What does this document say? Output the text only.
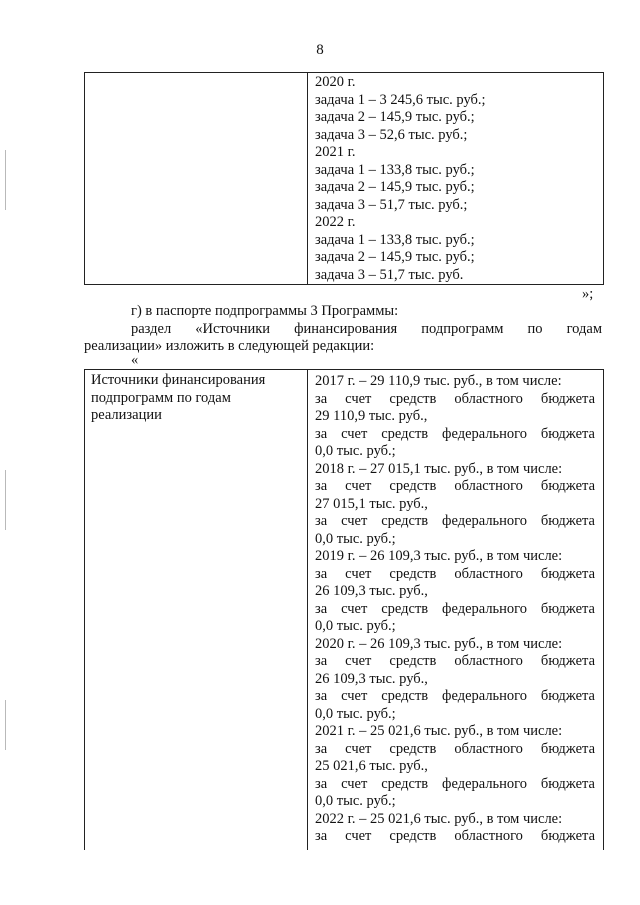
8
2020 г.
задача 1 – 3 245,6 тыс. руб.;
задача 2 – 145,9 тыс. руб.;
задача 3 – 52,6 тыс. руб.;
2021 г.
задача 1 – 133,8 тыс. руб.;
задача 2 – 145,9 тыс. руб.;
задача 3 – 51,7 тыс. руб.;
2022 г.
задача 1 – 133,8 тыс. руб.;
задача 2 – 145,9 тыс. руб.;
задача 3 – 51,7 тыс. руб.
»;
г) в паспорте подпрограммы 3 Программы:
раздел «Источники финансирования подпрограмм по годам
реализации» изложить в следующей редакции:
«
Источники финансирования подпрограмм по годам реализации
2017 г. – 29 110,9 тыс. руб., в том числе:
за счет средств областного бюджета
29 110,9 тыс. руб.,
за счет средств федерального бюджета
0,0 тыс. руб.;
2018 г. – 27 015,1 тыс. руб., в том числе:
за счет средств областного бюджета
27 015,1 тыс. руб.,
за счет средств федерального бюджета
0,0 тыс. руб.;
2019 г. – 26 109,3 тыс. руб., в том числе:
за счет средств областного бюджета
26 109,3 тыс. руб.,
за счет средств федерального бюджета
0,0 тыс. руб.;
2020 г. – 26 109,3 тыс. руб., в том числе:
за счет средств областного бюджета
26 109,3 тыс. руб.,
за счет средств федерального бюджета
0,0 тыс. руб.;
2021 г. – 25 021,6 тыс. руб., в том числе:
за счет средств областного бюджета
25 021,6 тыс. руб.,
за счет средств федерального бюджета
0,0 тыс. руб.;
2022 г. – 25 021,6 тыс. руб., в том числе:
за счет средств областного бюджета
